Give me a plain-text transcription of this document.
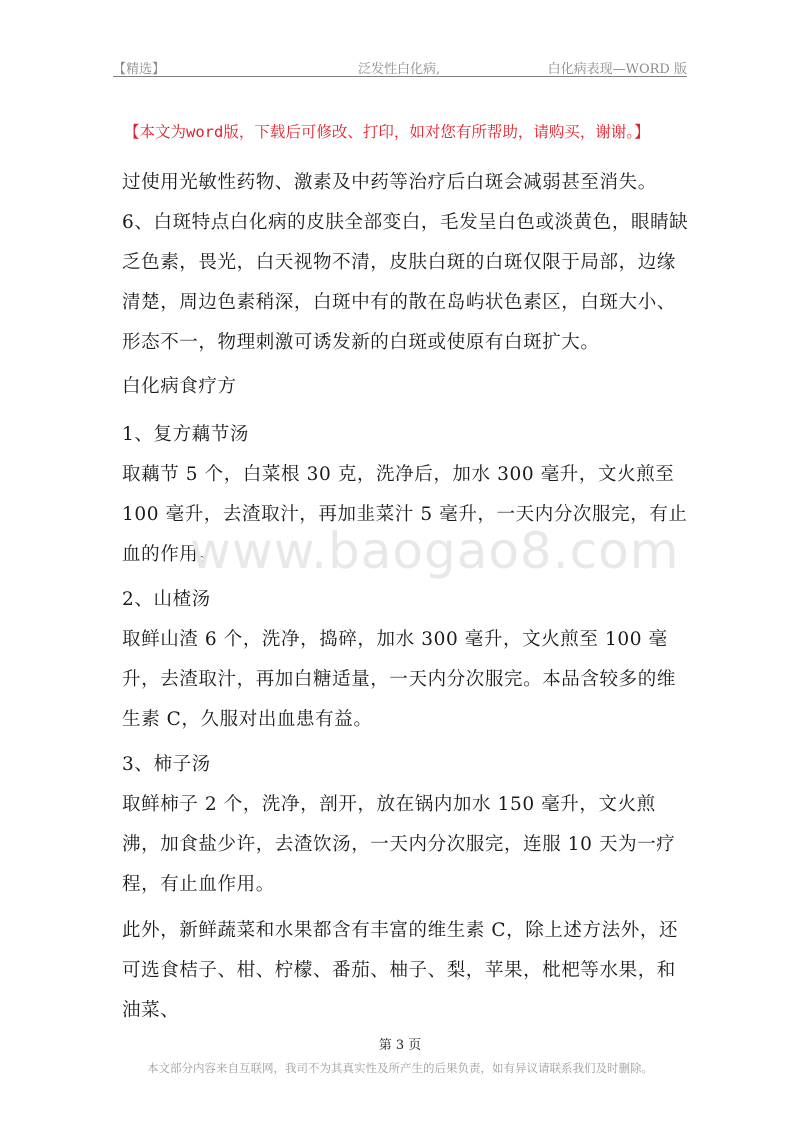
【精选】	泛发性白化病,	白化病表现—WORD 版
【本文为word版，下载后可修改、打印，如对您有所帮助，请购买，谢谢。】
过使用光敏性药物、激素及中药等治疗后白斑会减弱甚至消失。
6、白斑特点白化病的皮肤全部变白，毛发呈白色或淡黄色，眼睛缺乏色素，畏光，白天视物不清，皮肤白斑的白斑仅限于局部，边缘清楚，周边色素稍深，白斑中有的散在岛屿状色素区，白斑大小、形态不一，物理刺激可诱发新的白斑或使原有白斑扩大。
白化病食疗方
1、复方藕节汤
取藕节 5 个，白菜根 30 克，洗净后，加水 300 毫升，文火煎至 100 毫升，去渣取汁，再加韭菜汁 5 毫升，一天内分次服完，有止血的作用。
2、山楂汤
取鲜山渣 6 个，洗净，捣碎，加水 300 毫升，文火煎至 100 毫升，去渣取汁，再加白糖适量，一天内分次服完。本品含较多的维生素 C，久服对出血患有益。
3、柿子汤
取鲜柿子 2 个，洗净，剖开，放在锅内加水 150 毫升，文火煎沸，加食盐少许，去渣饮汤，一天内分次服完，连服 10 天为一疗程，有止血作用。
此外，新鲜蔬菜和水果都含有丰富的维生素 C，除上述方法外，还可选食桔子、柑、柠檬、番茄、柚子、梨，苹果，枇杷等水果，和油菜、
www.baogao8.com
第 3 页
本文部分内容来自互联网，我司不为其真实性及所产生的后果负责，如有异议请联系我们及时删除。
